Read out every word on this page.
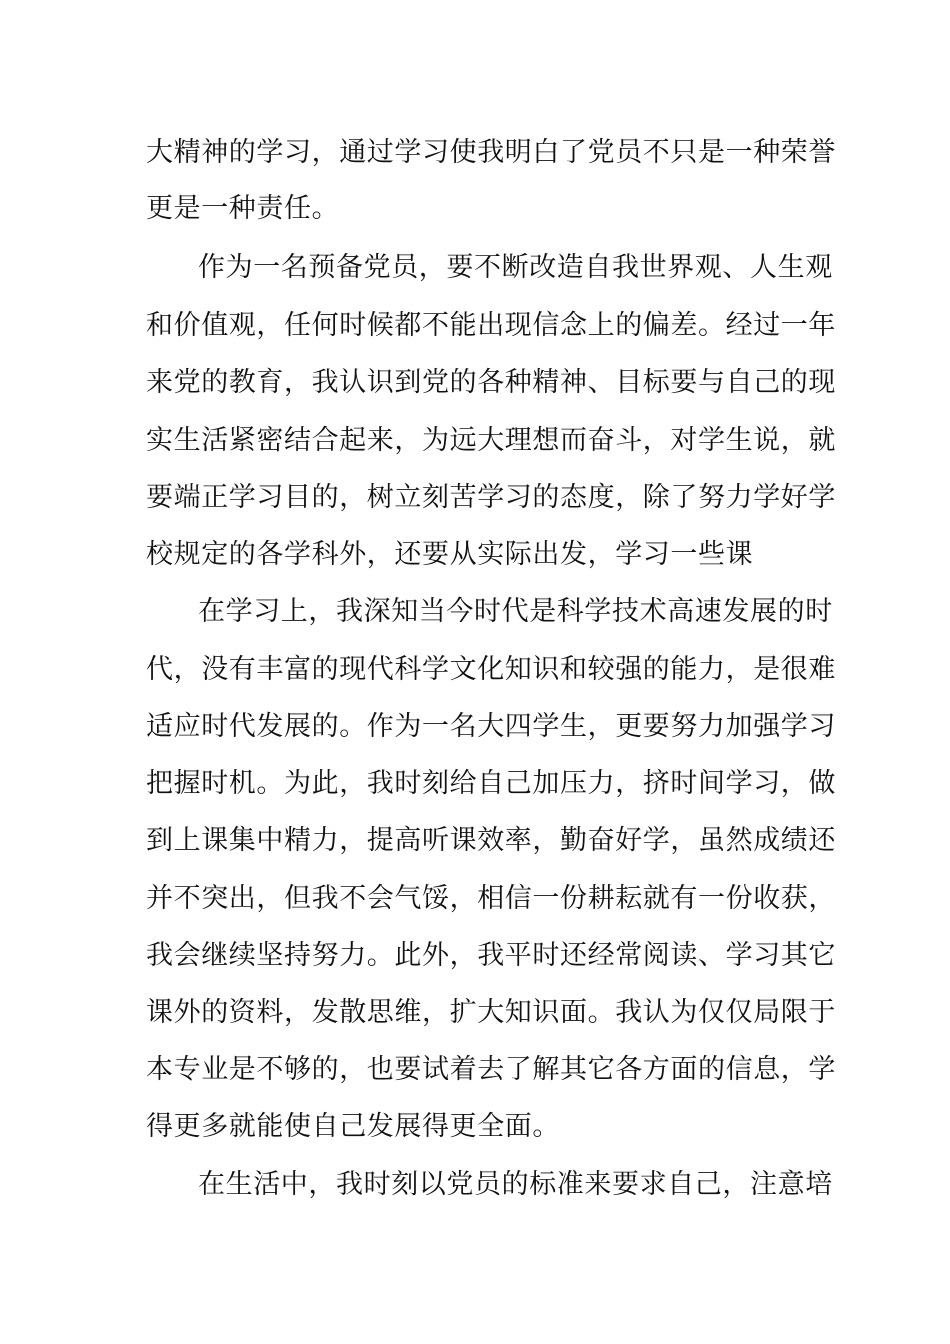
大精神的学习，通过学习使我明白了党员不只是一种荣誉
更是一种责任。
作为一名预备党员，要不断改造自我世界观、人生观
和价值观，任何时候都不能出现信念上的偏差。经过一年
来党的教育，我认识到党的各种精神、目标要与自己的现
实生活紧密结合起来，为远大理想而奋斗，对学生说，就
要端正学习目的，树立刻苦学习的态度，除了努力学好学
校规定的各学科外，还要从实际出发，学习一些课
在学习上，我深知当今时代是科学技术高速发展的时
代，没有丰富的现代科学文化知识和较强的能力，是很难
适应时代发展的。作为一名大四学生，更要努力加强学习
把握时机。为此，我时刻给自己加压力，挤时间学习，做
到上课集中精力，提高听课效率，勤奋好学，虽然成绩还
并不突出，但我不会气馁，相信一份耕耘就有一份收获，
我会继续坚持努力。此外，我平时还经常阅读、学习其它
课外的资料，发散思维，扩大知识面。我认为仅仅局限于
本专业是不够的，也要试着去了解其它各方面的信息，学
得更多就能使自己发展得更全面。
在生活中，我时刻以党员的标准来要求自己，注意培
